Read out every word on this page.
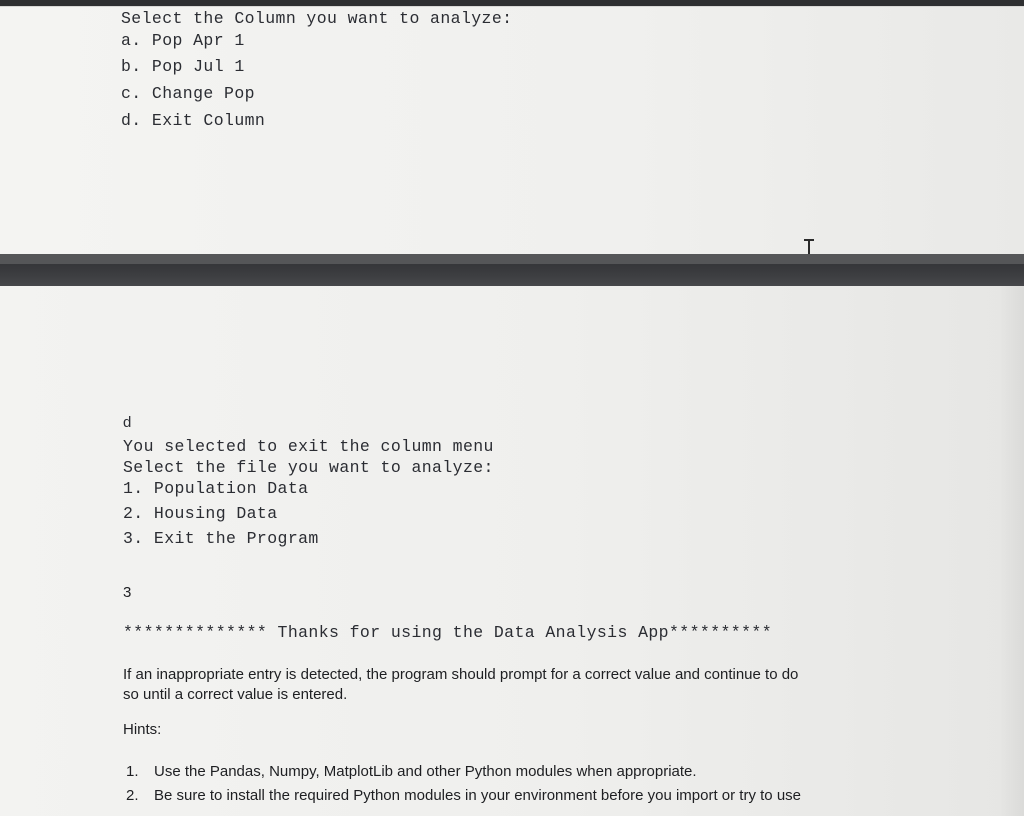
Select the Column you want to analyze:
a. Pop Apr 1
b. Pop Jul 1
c. Change Pop
d. Exit Column
d
You selected to exit the column menu
Select the file you want to analyze:
1. Population Data
2. Housing Data
3. Exit the Program
3
************** Thanks for using the Data Analysis App**********
If an inappropriate entry is detected, the program should prompt for a correct value and continue to do
so until a correct value is entered.
Hints:
1. Use the Pandas, Numpy, MatplotLib and other Python modules when appropriate.
2. Be sure to install the required Python modules in your environment before you import or try to use
